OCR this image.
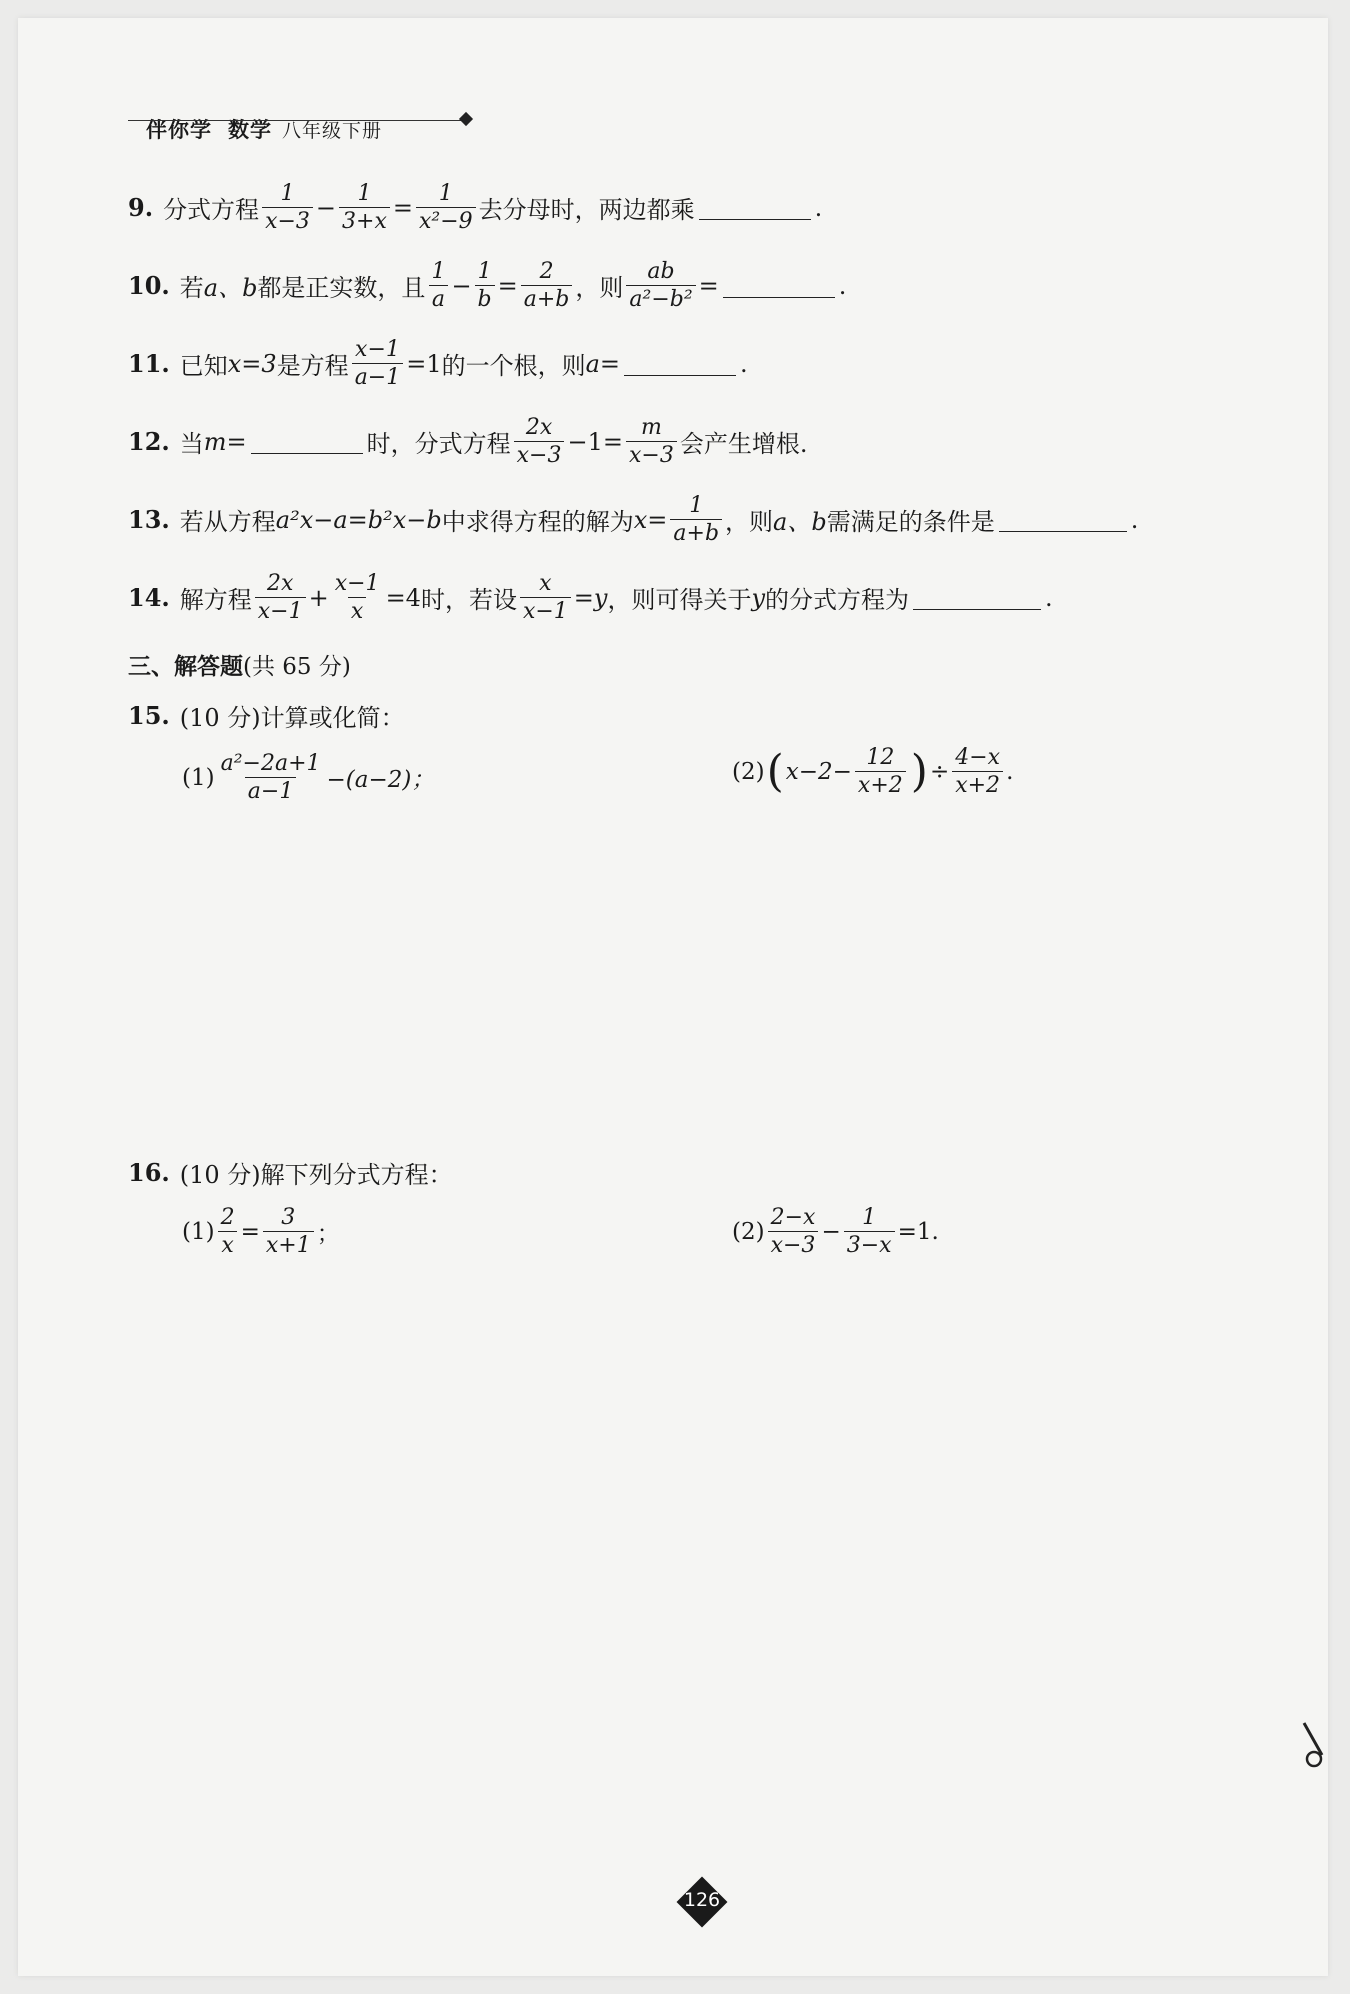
伴你学 数学 八年级下册
9. 分式方程 $\frac{1}{x-3} - \frac{1}{3+x} = \frac{1}{\text{x²−9}}$ 去分母时，两边都乘	.
10. 若 a、b 都是正实数，且 $\frac{1}{a} - \frac{1}{b} = \frac{2}{a+b}$ ，则 $\frac{ab}{\text{a²−b²}}$ =	.
11. 已知 x=3 是方程 $\frac{x-1}{a-1} =1$ 的一个根，则 a=	.
12. 当 m=	时，分式方程 $\frac{2x}{x-3} -1= \frac{m}{x-3}$ 会产生增根.
13. 若从方程 a²x−a=b²x−b 中求得方程的解为 $x= \frac{1}{a+b}$ ，则 a、b 需满足的条件是	.
14. 解方程 $\frac{2x}{x-1} + \frac{x-1}{x} =4$ 时，若设 $\frac{x}{x-1} =y$ ，则可得关于 y 的分式方程为	.
三、解答题(共 65 分)
15. (10 分)计算或化简：
$(1) \frac{\text{a²−2a+1}}{a-1} -(a-2)$；	(2) ( $x-2- \frac{12}{x+2}$ ) ÷ $\frac{4-x}{x+2}$ .
16. (10 分)解下列分式方程：
$(1) \frac{2}{x} = \frac{3}{x+1}$ ；	$(2) \frac{2-x}{x-3} - \frac{1}{3-x} =1$.
126
